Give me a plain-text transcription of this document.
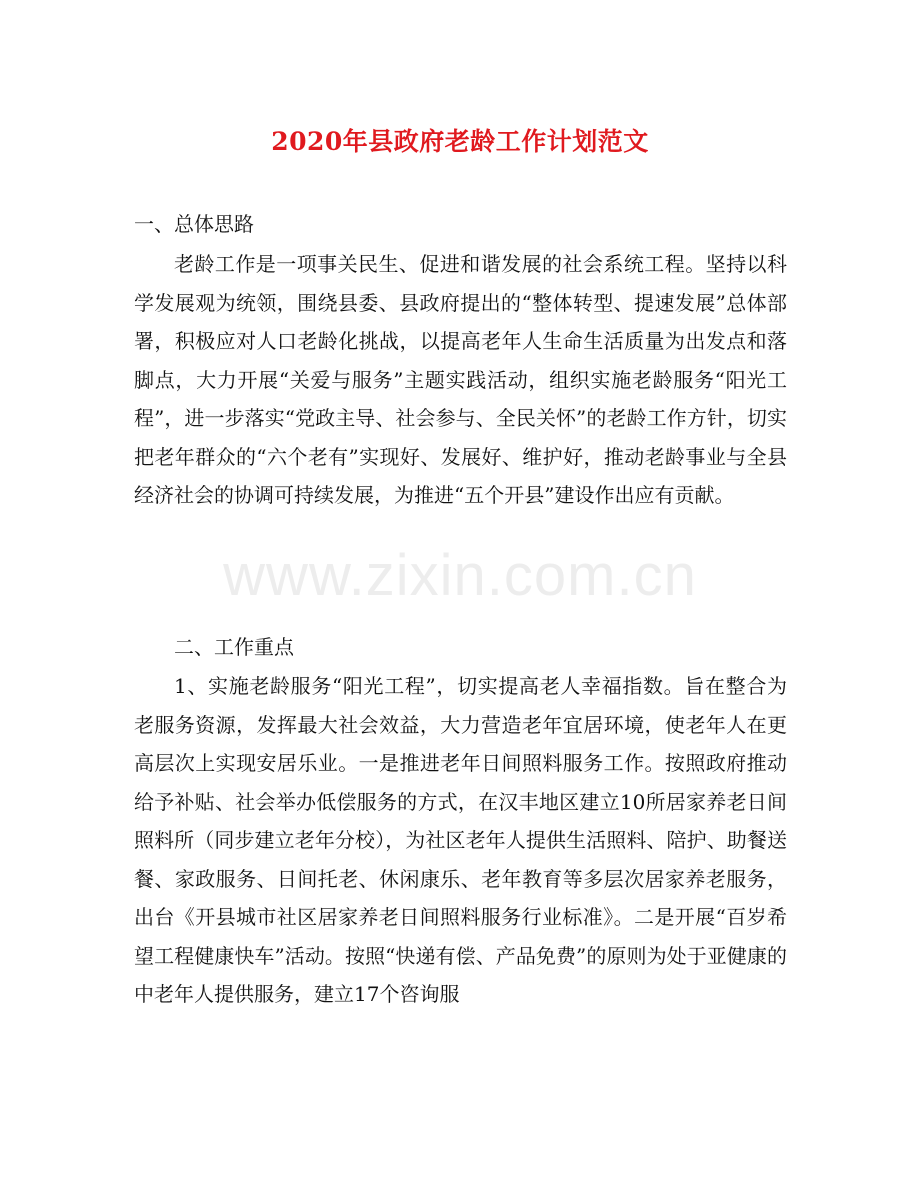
www.zixin.com.cn
2020年县政府老龄工作计划范文

一、总体思路

老龄工作是一项事关民生、促进和谐发展的社会系统工程。坚持以科学发展观为统领，围绕县委、县政府提出的“整体转型、提速发展”总体部署，积极应对人口老龄化挑战，以提高老年人生命生活质量为出发点和落脚点，大力开展“关爱与服务”主题实践活动，组织实施老龄服务“阳光工程”，进一步落实“党政主导、社会参与、全民关怀”的老龄工作方针，切实把老年群众的“六个老有”实现好、发展好、维护好，推动老龄事业与全县经济社会的协调可持续发展，为推进“五个开县”建设作出应有贡献。

二、工作重点

1、实施老龄服务“阳光工程”，切实提高老人幸福指数。旨在整合为老服务资源，发挥最大社会效益，大力营造老年宜居环境，使老年人在更高层次上实现安居乐业。一是推进老年日间照料服务工作。按照政府推动给予补贴、社会举办低偿服务的方式，在汉丰地区建立10所居家养老日间照料所（同步建立老年分校），为社区老年人提供生活照料、陪护、助餐送餐、家政服务、日间托老、休闲康乐、老年教育等多层次居家养老服务，出台《开县城市社区居家养老日间照料服务行业标准》。二是开展“百岁希望工程健康快车”活动。按照“快递有偿、产品免费”的原则为处于亚健康的中老年人提供服务，建立17个咨询服
